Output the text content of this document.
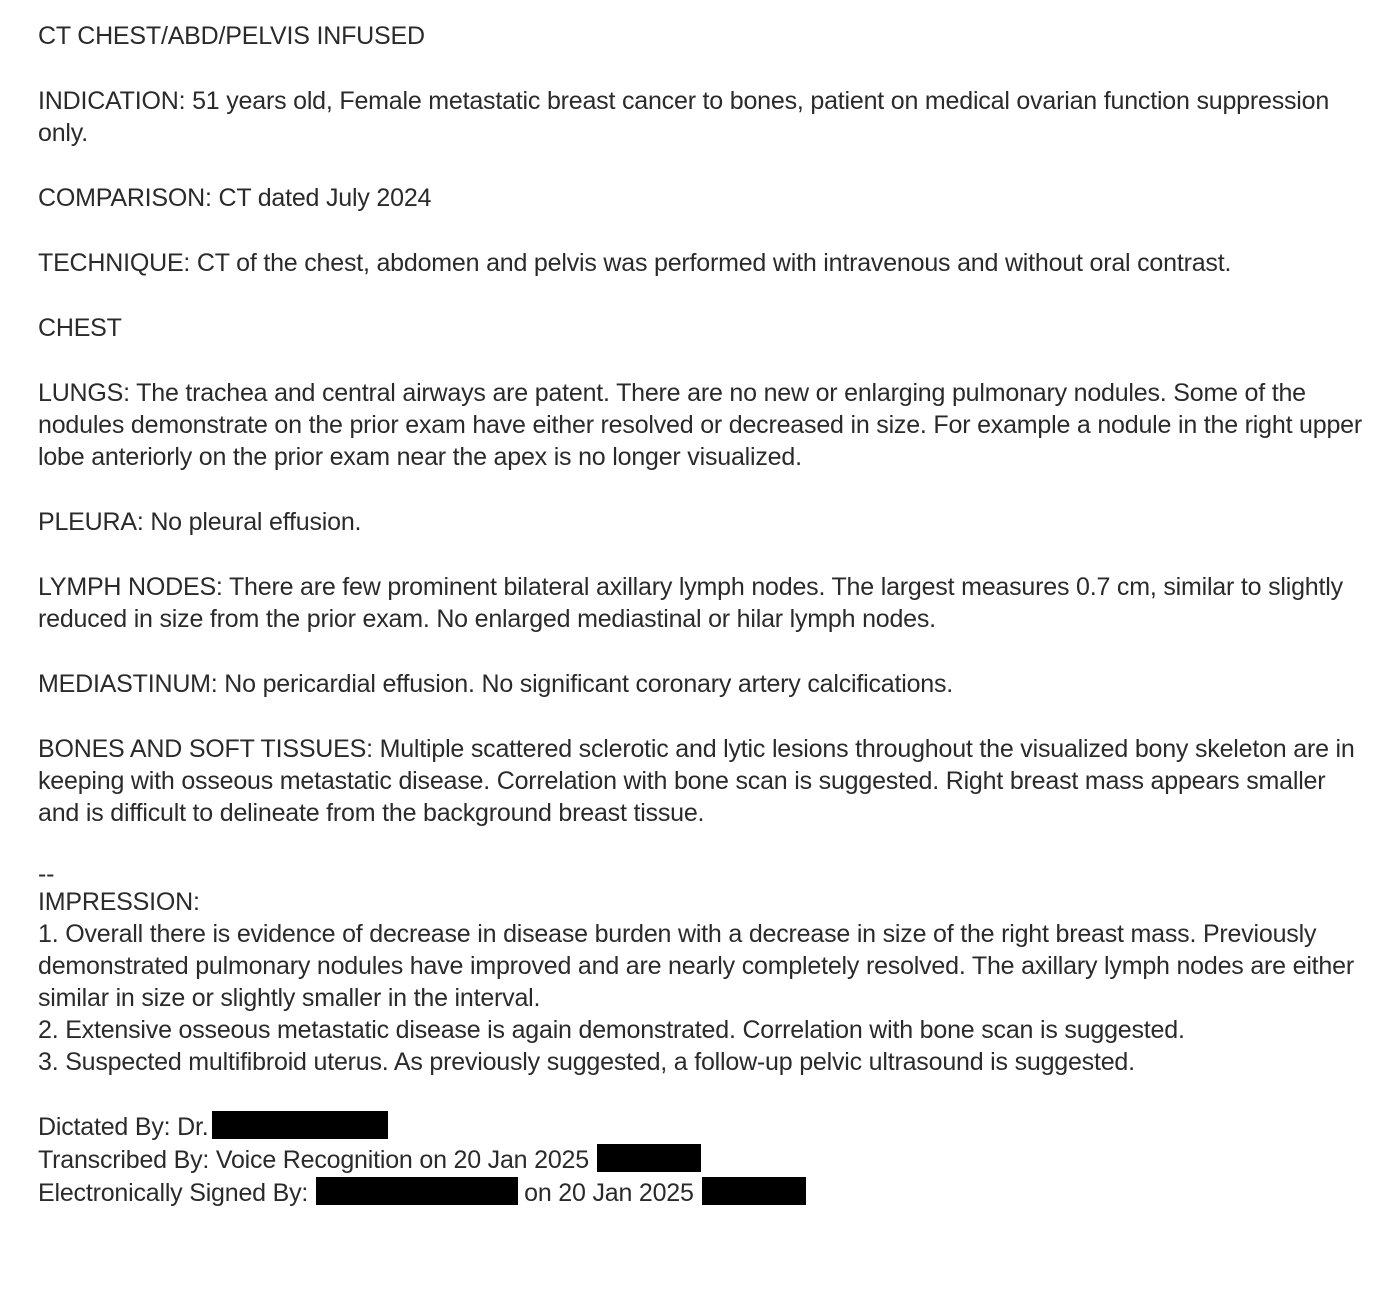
CT CHEST/ABD/PELVIS INFUSED

INDICATION: 51 years old, Female metastatic breast cancer to bones, patient on medical ovarian function suppression only.

COMPARISON: CT dated July 2024

TECHNIQUE: CT of the chest, abdomen and pelvis was performed with intravenous and without oral contrast.

CHEST

LUNGS: The trachea and central airways are patent. There are no new or enlarging pulmonary nodules. Some of the nodules demonstrate on the prior exam have either resolved or decreased in size. For example a nodule in the right upper lobe anteriorly on the prior exam near the apex is no longer visualized.

PLEURA: No pleural effusion.

LYMPH NODES: There are few prominent bilateral axillary lymph nodes. The largest measures 0.7 cm, similar to slightly reduced in size from the prior exam. No enlarged mediastinal or hilar lymph nodes.

MEDIASTINUM: No pericardial effusion. No significant coronary artery calcifications.

BONES AND SOFT TISSUES: Multiple scattered sclerotic and lytic lesions throughout the visualized bony skeleton are in keeping with osseous metastatic disease. Correlation with bone scan is suggested. Right breast mass appears smaller and is difficult to delineate from the background breast tissue.

--

IMPRESSION:

1. Overall there is evidence of decrease in disease burden with a decrease in size of the right breast mass. Previously demonstrated pulmonary nodules have improved and are nearly completely resolved. The axillary lymph nodes are either similar in size or slightly smaller in the interval.

2. Extensive osseous metastatic disease is again demonstrated. Correlation with bone scan is suggested.

3. Suspected multifibroid uterus. As previously suggested, a follow-up pelvic ultrasound is suggested.

Dictated By: Dr.

Transcribed By: Voice Recognition on 20 Jan 2025

Electronically Signed By:	on 20 Jan 2025
